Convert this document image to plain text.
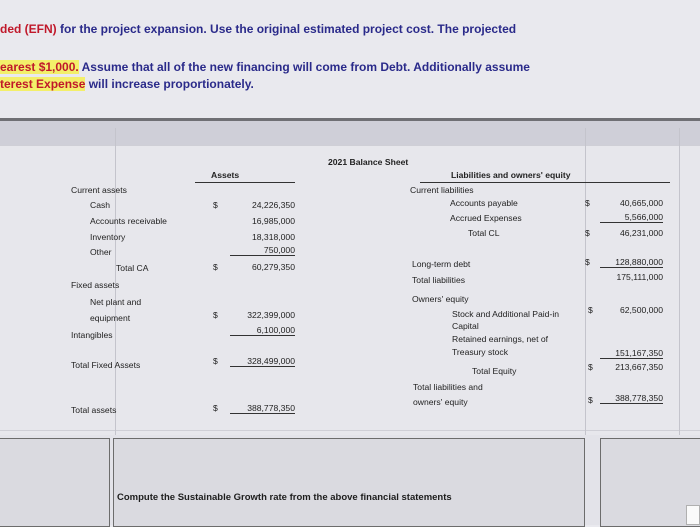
ded (EFN) for the project expansion. Use the original estimated project cost. The projected
earest $1,000. Assume that all of the new financing will come from Debt. Additionally assume
terest Expense will increase proportionately.
2021 Balance Sheet
Assets	Liabilities and owners' equity
Current assets
Cash	$	24,226,350
Accounts receivable	16,985,000
Inventory	18,318,000
Other	750,000
Total CA	$	60,279,350
Fixed assets
Net plant and
equipment	$	322,399,000
Intangibles	6,100,000
Total Fixed Assets	$	328,499,000
Total assets	$	388,778,350
Current liabilities
Accounts payable	$	40,665,000
Accrued Expenses	5,566,000
Total CL	$	46,231,000
Long-term debt	$	128,880,000
Total liabilities	175,111,000
Owners' equity
Stock and Additional Paid-in
Capital
$	62,500,000
Retained earnings, net of
Treasury stock	151,167,350
Total Equity	$	213,667,350
Total liabilities and
owners' equity	$	388,778,350
Compute the Sustainable Growth rate from the above financial statements
